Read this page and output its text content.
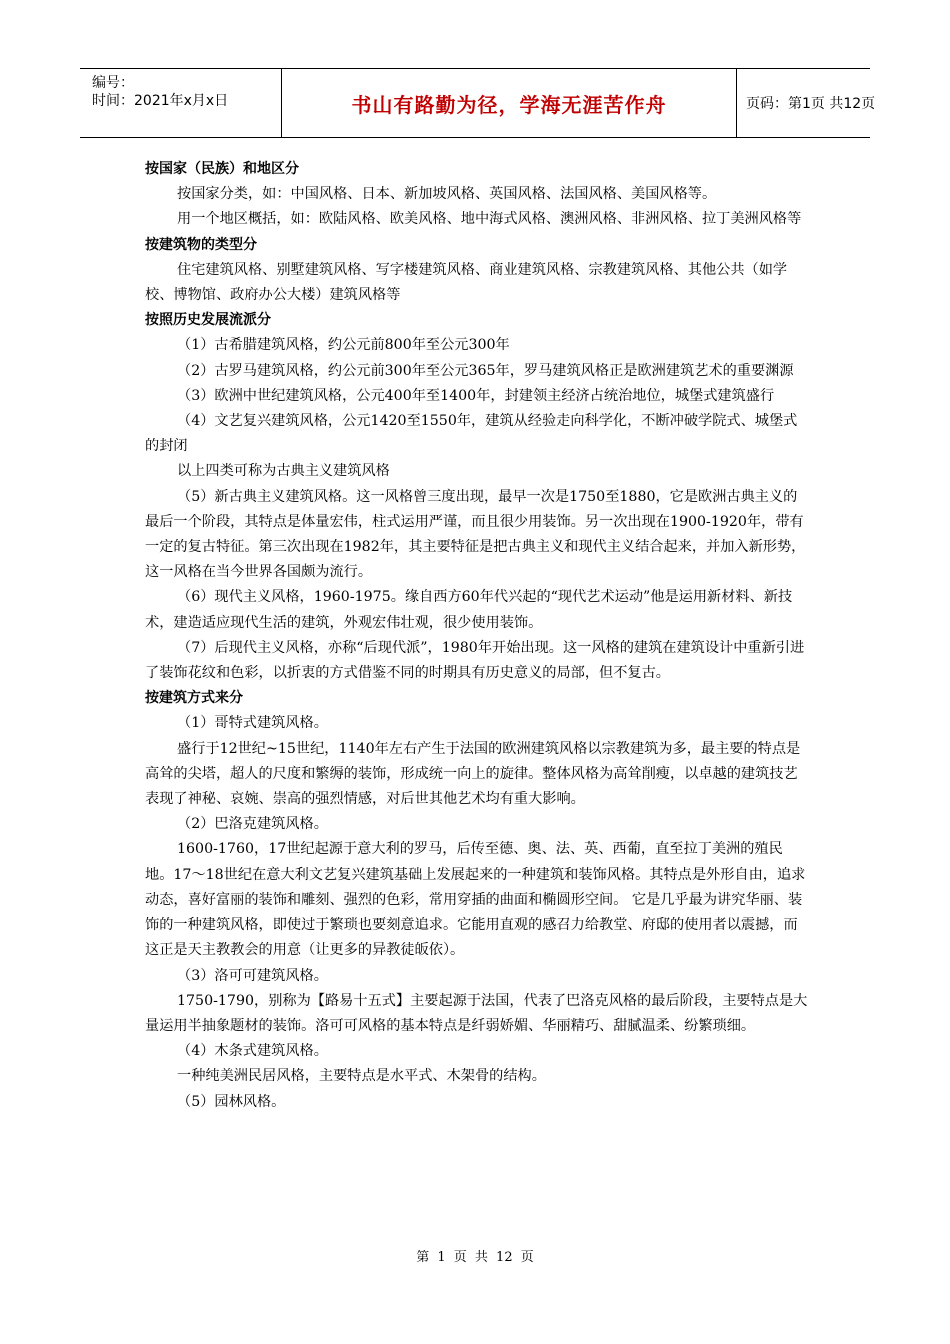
编号：
时间：2021年x月x日	书山有路勤为径，学海无涯苦作舟	页码：第1页 共12页

按国家（民族）和地区分

按国家分类，如：中国风格、日本、新加坡风格、英国风格、法国风格、美国风格等。

用一个地区概括，如：欧陆风格、欧美风格、地中海式风格、澳洲风格、非洲风格、拉丁美洲风格等

按建筑物的类型分

住宅建筑风格、别墅建筑风格、写字楼建筑风格、商业建筑风格、宗教建筑风格、其他公共（如学校、博物馆、政府办公大楼）建筑风格等

按照历史发展流派分

（1）古希腊建筑风格，约公元前800年至公元300年

（2）古罗马建筑风格，约公元前300年至公元365年，罗马建筑风格正是欧洲建筑艺术的重要渊源

（3）欧洲中世纪建筑风格，公元400年至1400年，封建领主经济占统治地位，城堡式建筑盛行

（4）文艺复兴建筑风格，公元1420至1550年，建筑从经验走向科学化，不断冲破学院式、城堡式的封闭

以上四类可称为古典主义建筑风格

（5）新古典主义建筑风格。这一风格曾三度出现，最早一次是1750至1880，它是欧洲古典主义的最后一个阶段，其特点是体量宏伟，柱式运用严谨，而且很少用装饰。另一次出现在1900-1920年，带有一定的复古特征。第三次出现在1982年，其主要特征是把古典主义和现代主义结合起来，并加入新形势，这一风格在当今世界各国颇为流行。

（6）现代主义风格，1960-1975。缘自西方60年代兴起的“现代艺术运动”他是运用新材料、新技术，建造适应现代生活的建筑，外观宏伟壮观，很少使用装饰。

（7）后现代主义风格，亦称“后现代派”，1980年开始出现。这一风格的建筑在建筑设计中重新引进了装饰花纹和色彩，以折衷的方式借鉴不同的时期具有历史意义的局部，但不复古。

按建筑方式来分

（1）哥特式建筑风格。

盛行于12世纪~15世纪，1140年左右产生于法国的欧洲建筑风格以宗教建筑为多，最主要的特点是高耸的尖塔，超人的尺度和繁缛的装饰，形成统一向上的旋律。整体风格为高耸削瘦，以卓越的建筑技艺表现了神秘、哀婉、崇高的强烈情感，对后世其他艺术均有重大影响。

（2）巴洛克建筑风格。

1600-1760，17世纪起源于意大利的罗马，后传至德、奥、法、英、西葡，直至拉丁美洲的殖民地。17～18世纪在意大利文艺复兴建筑基础上发展起来的一种建筑和装饰风格。其特点是外形自由，追求动态，喜好富丽的装饰和雕刻、强烈的色彩，常用穿插的曲面和椭圆形空间。 它是几乎最为讲究华丽、装饰的一种建筑风格，即使过于繁琐也要刻意追求。它能用直观的感召力给教堂、府邸的使用者以震撼，而这正是天主教教会的用意（让更多的异教徒皈依）。

（3）洛可可建筑风格。

1750-1790，别称为【路易十五式】主要起源于法国，代表了巴洛克风格的最后阶段，主要特点是大量运用半抽象题材的装饰。洛可可风格的基本特点是纤弱娇媚、华丽精巧、甜腻温柔、纷繁琐细。

（4）木条式建筑风格。

一种纯美洲民居风格，主要特点是水平式、木架骨的结构。

（5）园林风格。

第 1 页 共 12 页
